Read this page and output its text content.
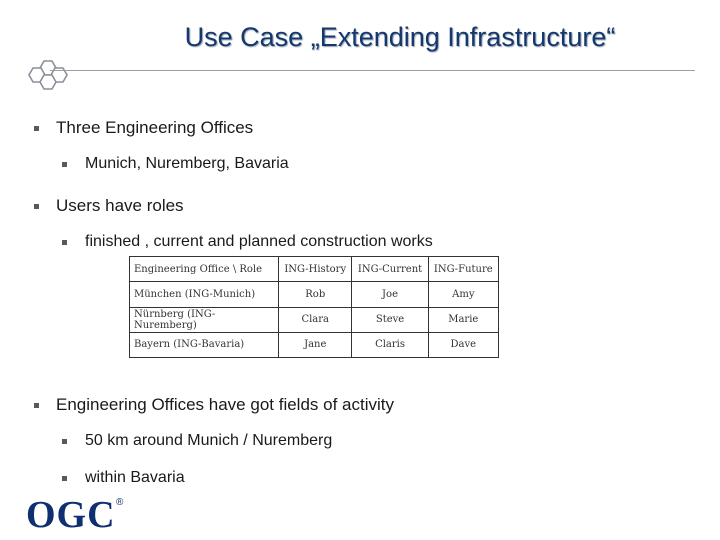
Use Case „Extending Infrastructure“
Three Engineering Offices
Munich, Nuremberg, Bavaria
Users have roles
finished , current and planned construction works
Engineering Office \ Role	ING-History	ING-Current	ING-Future
München (ING-Munich)	Rob	Joe	Amy
Nürnberg (ING-Nuremberg)	Clara	Steve	Marie
Bayern (ING-Bavaria)	Jane	Claris	Dave
Engineering Offices have got fields of activity
50 km around Munich / Nuremberg
within Bavaria
OGC ®
